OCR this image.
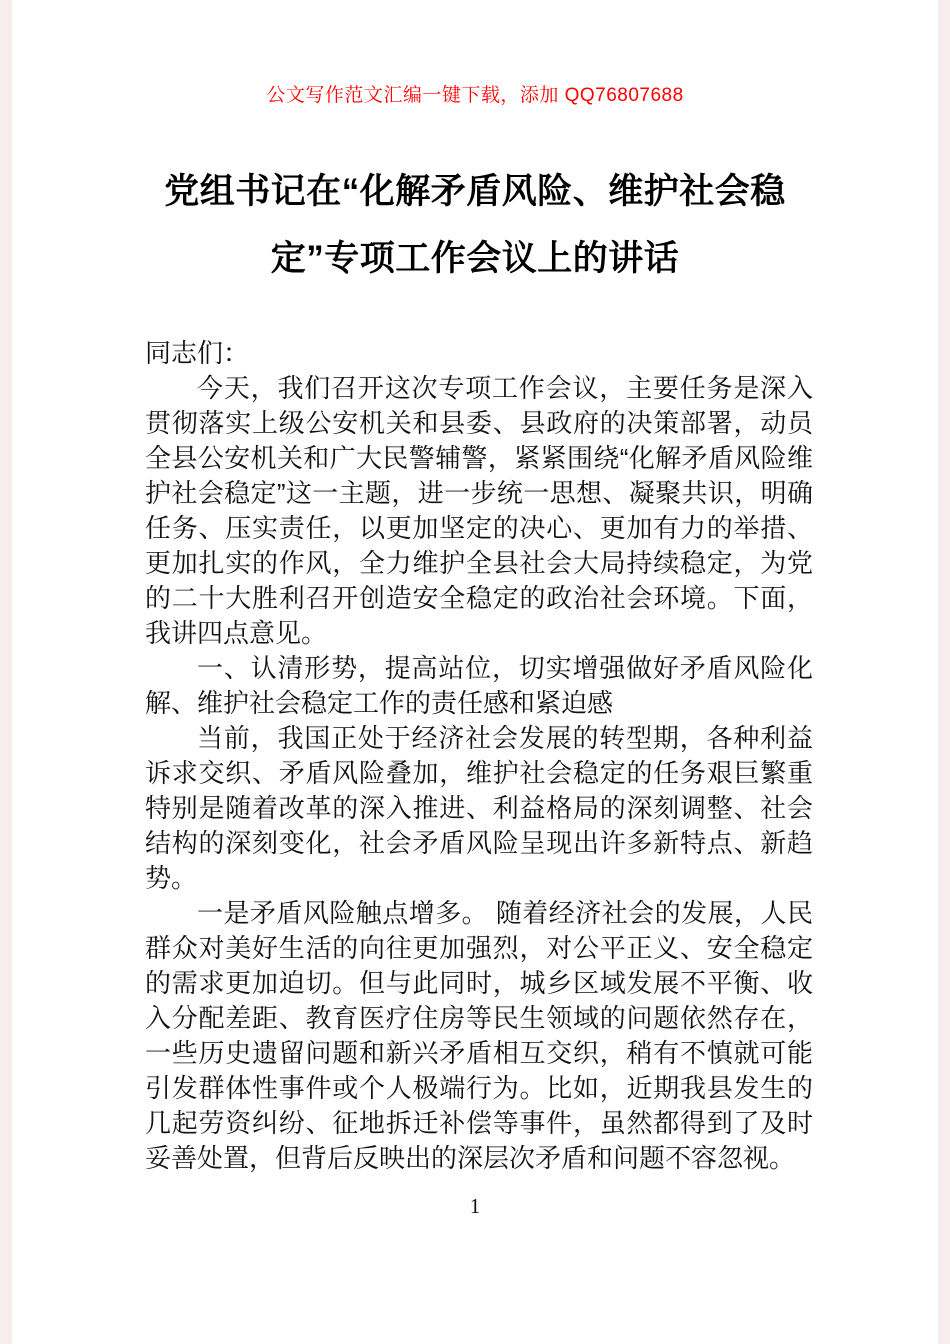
公文写作范文汇编一键下载，添加 QQ76807688
党组书记在“化解矛盾风险、维护社会稳定”专项工作会议上的讲话

同志们：

今天，我们召开这次专项工作会议，主要任务是深入贯彻落实上级公安机关和县委、县政府的决策部署，动员全县公安机关和广大民警辅警，紧紧围绕“化解矛盾风险维护社会稳定”这一主题，进一步统一思想、凝聚共识，明确任务、压实责任，以更加坚定的决心、更加有力的举措、更加扎实的作风，全力维护全县社会大局持续稳定，为党的二十大胜利召开创造安全稳定的政治社会环境。下面，我讲四点意见。

一、认清形势，提高站位，切实增强做好矛盾风险化解、维护社会稳定工作的责任感和紧迫感

当前，我国正处于经济社会发展的转型期，各种利益诉求交织、矛盾风险叠加，维护社会稳定的任务艰巨繁重特别是随着改革的深入推进、利益格局的深刻调整、社会结构的深刻变化，社会矛盾风险呈现出许多新特点、新趋势。

一是矛盾风险触点增多。 随着经济社会的发展，人民群众对美好生活的向往更加强烈，对公平正义、安全稳定的需求更加迫切。但与此同时，城乡区域发展不平衡、收入分配差距、教育医疗住房等民生领域的问题依然存在，一些历史遗留问题和新兴矛盾相互交织，稍有不慎就可能引发群体性事件或个人极端行为。比如，近期我县发生的几起劳资纠纷、征地拆迁补偿等事件，虽然都得到了及时妥善处置，但背后反映出的深层次矛盾和问题不容忽视。

1
